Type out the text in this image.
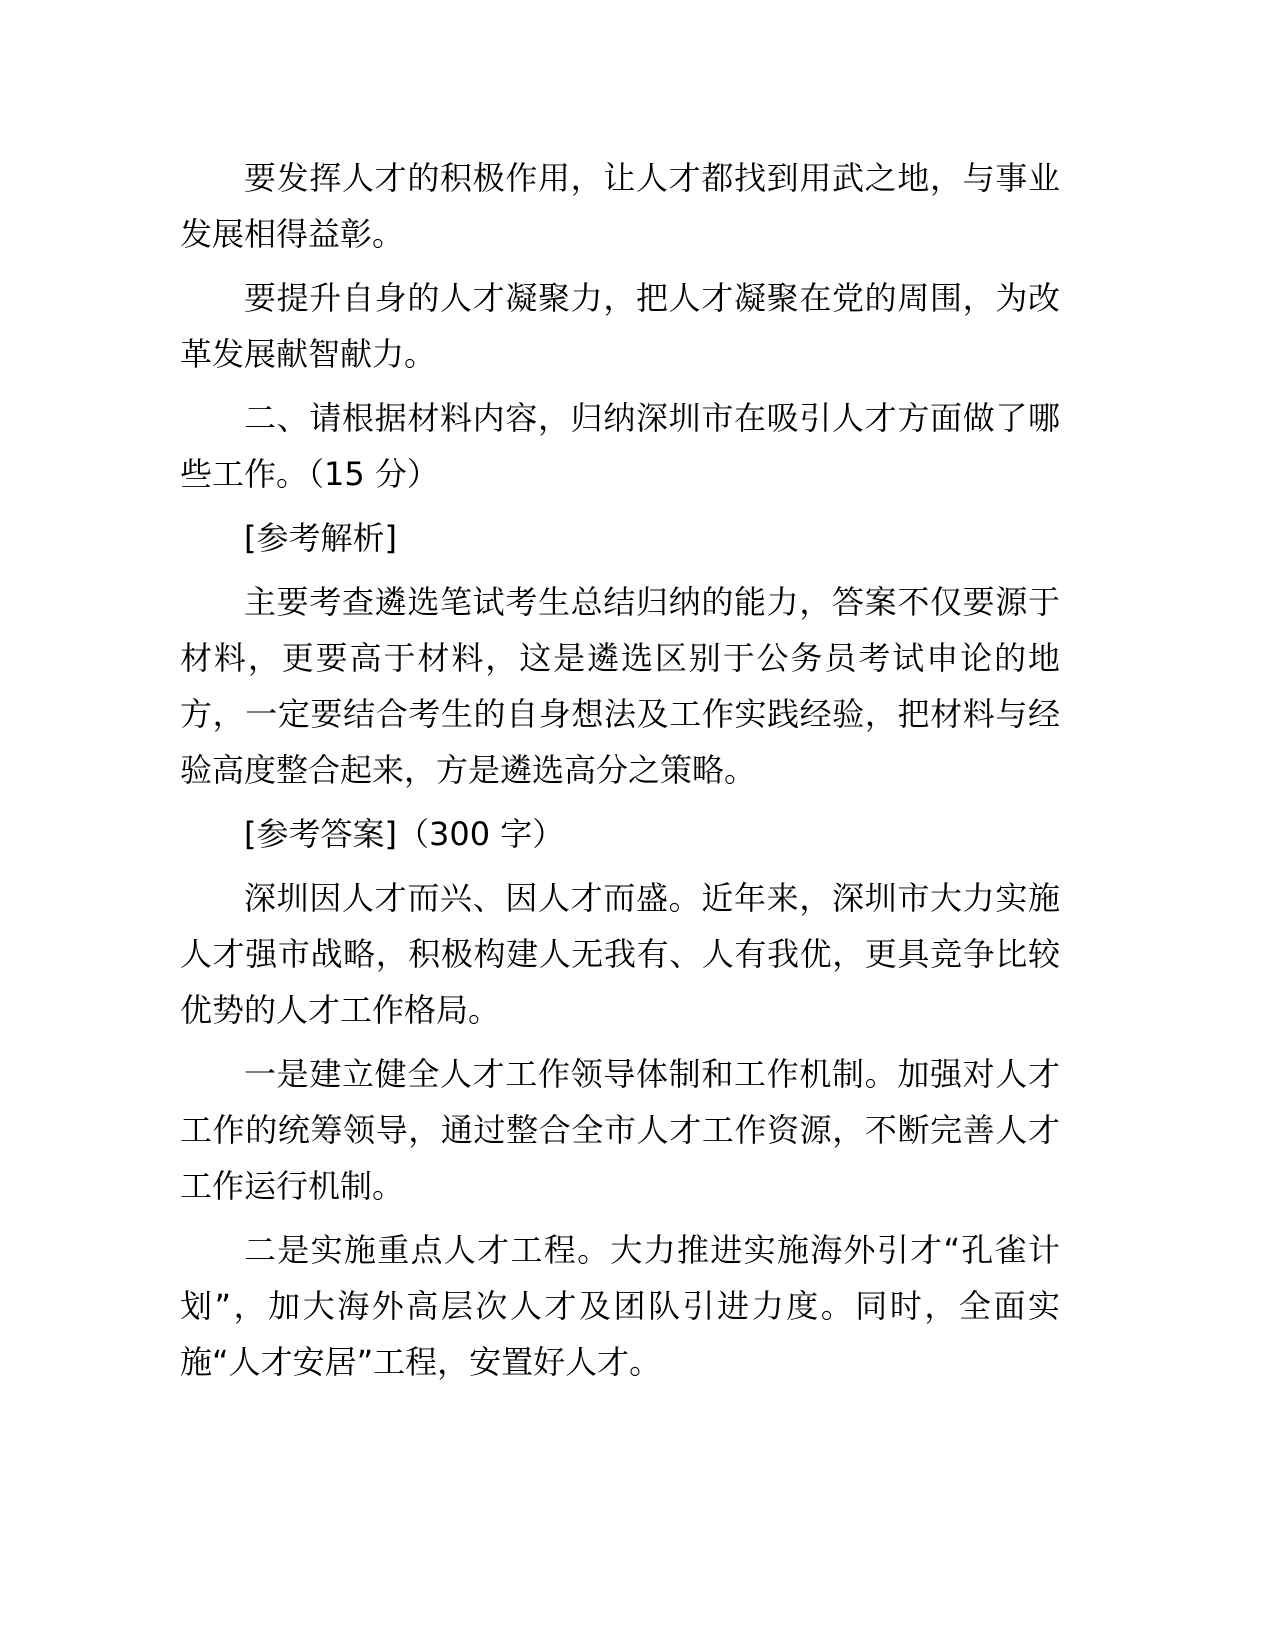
要发挥人才的积极作用，让人才都找到用武之地，与事业发展相得益彰。

要提升自身的人才凝聚力，把人才凝聚在党的周围，为改革发展献智献力。

二、请根据材料内容，归纳深圳市在吸引人才方面做了哪些工作。（15 分）

[参考解析]

主要考查遴选笔试考生总结归纳的能力，答案不仅要源于材料，更要高于材料，这是遴选区别于公务员考试申论的地方，一定要结合考生的自身想法及工作实践经验，把材料与经验高度整合起来，方是遴选高分之策略。

[参考答案]（300 字）

深圳因人才而兴、因人才而盛。近年来，深圳市大力实施人才强市战略，积极构建人无我有、人有我优，更具竞争比较优势的人才工作格局。

一是建立健全人才工作领导体制和工作机制。加强对人才工作的统筹领导，通过整合全市人才工作资源，不断完善人才工作运行机制。

二是实施重点人才工程。大力推进实施海外引才“孔雀计划”，加大海外高层次人才及团队引进力度。同时，全面实施“人才安居”工程，安置好人才。
